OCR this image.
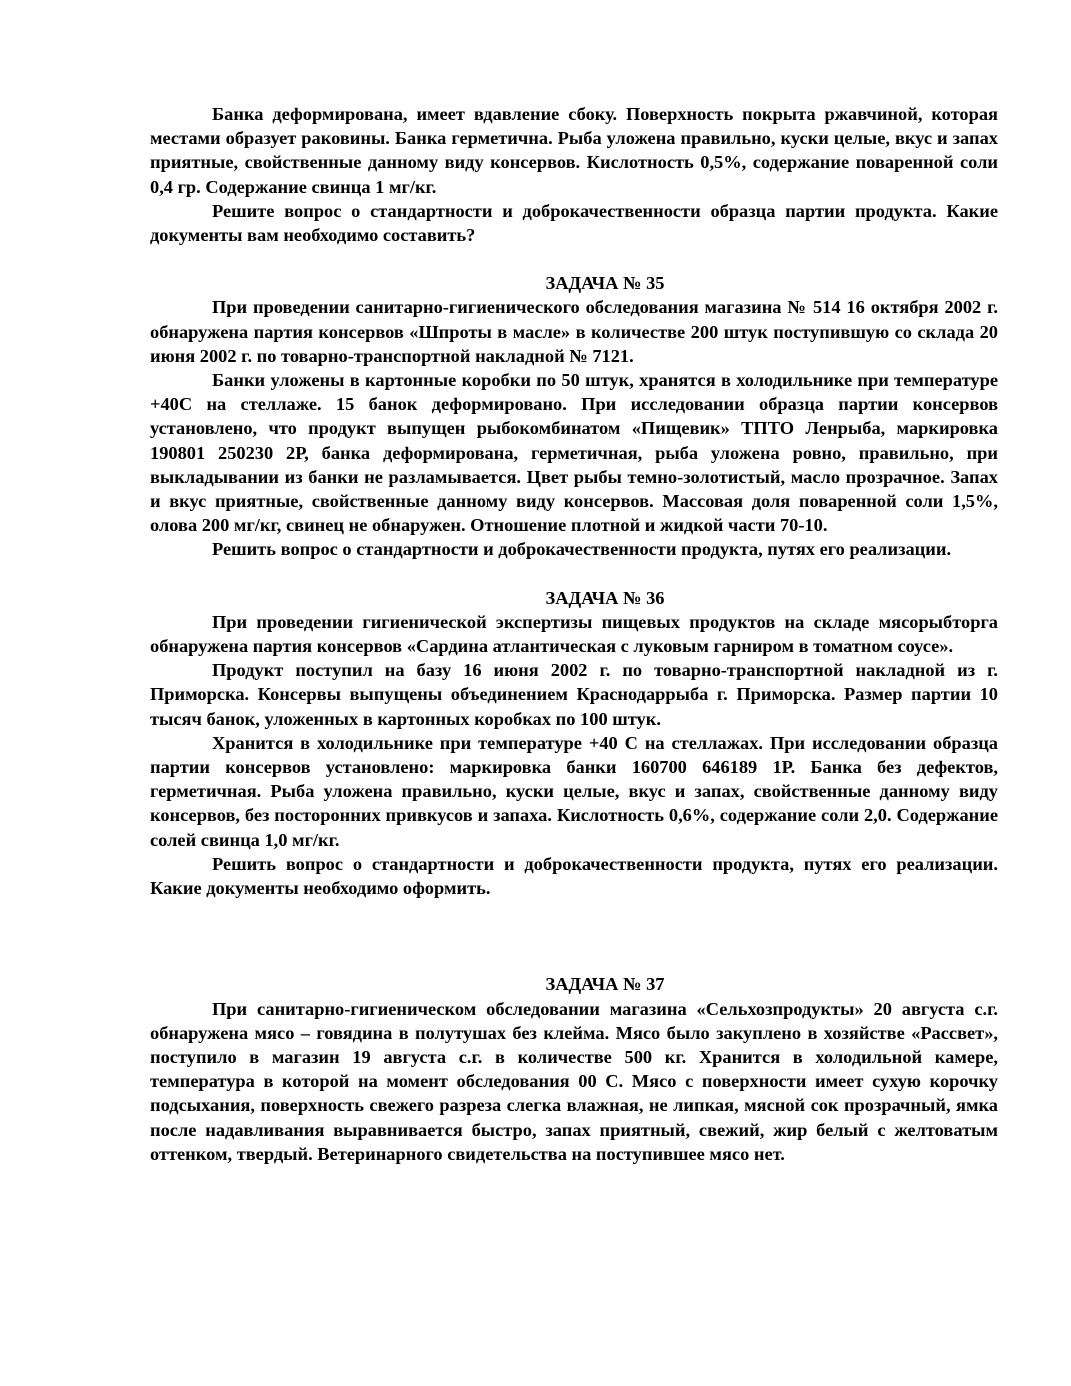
Банка деформирована, имеет вдавление сбоку. Поверхность покрыта ржавчиной, которая местами образует раковины. Банка герметична. Рыба уложена правильно, куски целые, вкус и запах приятные, свойственные данному виду консервов. Кислотность 0,5%, содержание поваренной соли 0,4 гр. Содержание свинца 1 мг/кг.

Решите вопрос о стандартности и доброкачественности образца партии продукта. Какие документы вам необходимо составить?

ЗАДАЧА № 35

При проведении санитарно-гигиенического обследования магазина № 514 16 октября 2002 г. обнаружена партия консервов «Шпроты в масле» в количестве 200 штук поступившую со склада 20 июня 2002 г. по товарно-транспортной накладной № 7121.

Банки уложены в картонные коробки по 50 штук, хранятся в холодильнике при температуре +40С на стеллаже. 15 банок деформировано. При исследовании образца партии консервов установлено, что продукт выпущен рыбокомбинатом «Пищевик» ТПТО Ленрыба, маркировка 190801 250230 2Р, банка деформирована, герметичная, рыба уложена ровно, правильно, при выкладывании из банки не разламывается. Цвет рыбы темно-золотистый, масло прозрачное. Запах и вкус приятные, свойственные данному виду консервов. Массовая доля поваренной соли 1,5%, олова 200 мг/кг, свинец не обнаружен. Отношение плотной и жидкой части 70-10.

Решить вопрос о стандартности и доброкачественности продукта, путях его реализации.

ЗАДАЧА № 36

При проведении гигиенической экспертизы пищевых продуктов на складе мясорыбторга обнаружена партия консервов «Сардина атлантическая с луковым гарниром в томатном соусе».

Продукт поступил на базу 16 июня 2002 г. по товарно-транспортной накладной из г. Приморска. Консервы выпущены объединением Краснодаррыба г. Приморска. Размер партии 10 тысяч банок, уложенных в картонных коробках по 100 штук.

Хранится в холодильнике при температуре +40 С на стеллажах. При исследовании образца партии консервов установлено: маркировка банки 160700 646189 1Р. Банка без дефектов, герметичная. Рыба уложена правильно, куски целые, вкус и запах, свойственные данному виду консервов, без посторонних привкусов и запаха. Кислотность 0,6%, содержание соли 2,0. Содержание солей свинца 1,0 мг/кг.

Решить вопрос о стандартности и доброкачественности продукта, путях его реализации. Какие документы необходимо оформить.

ЗАДАЧА № 37

При санитарно-гигиеническом обследовании магазина «Сельхозпродукты» 20 августа с.г. обнаружена мясо – говядина в полутушах без клейма. Мясо было закуплено в хозяйстве «Рассвет», поступило в магазин 19 августа с.г. в количестве 500 кг. Хранится в холодильной камере, температура в которой на момент обследования 00 С. Мясо с поверхности имеет сухую корочку подсыхания, поверхность свежего разреза слегка влажная, не липкая, мясной сок прозрачный, ямка после надавливания выравнивается быстро, запах приятный, свежий, жир белый с желтоватым оттенком, твердый. Ветеринарного свидетельства на поступившее мясо нет.
